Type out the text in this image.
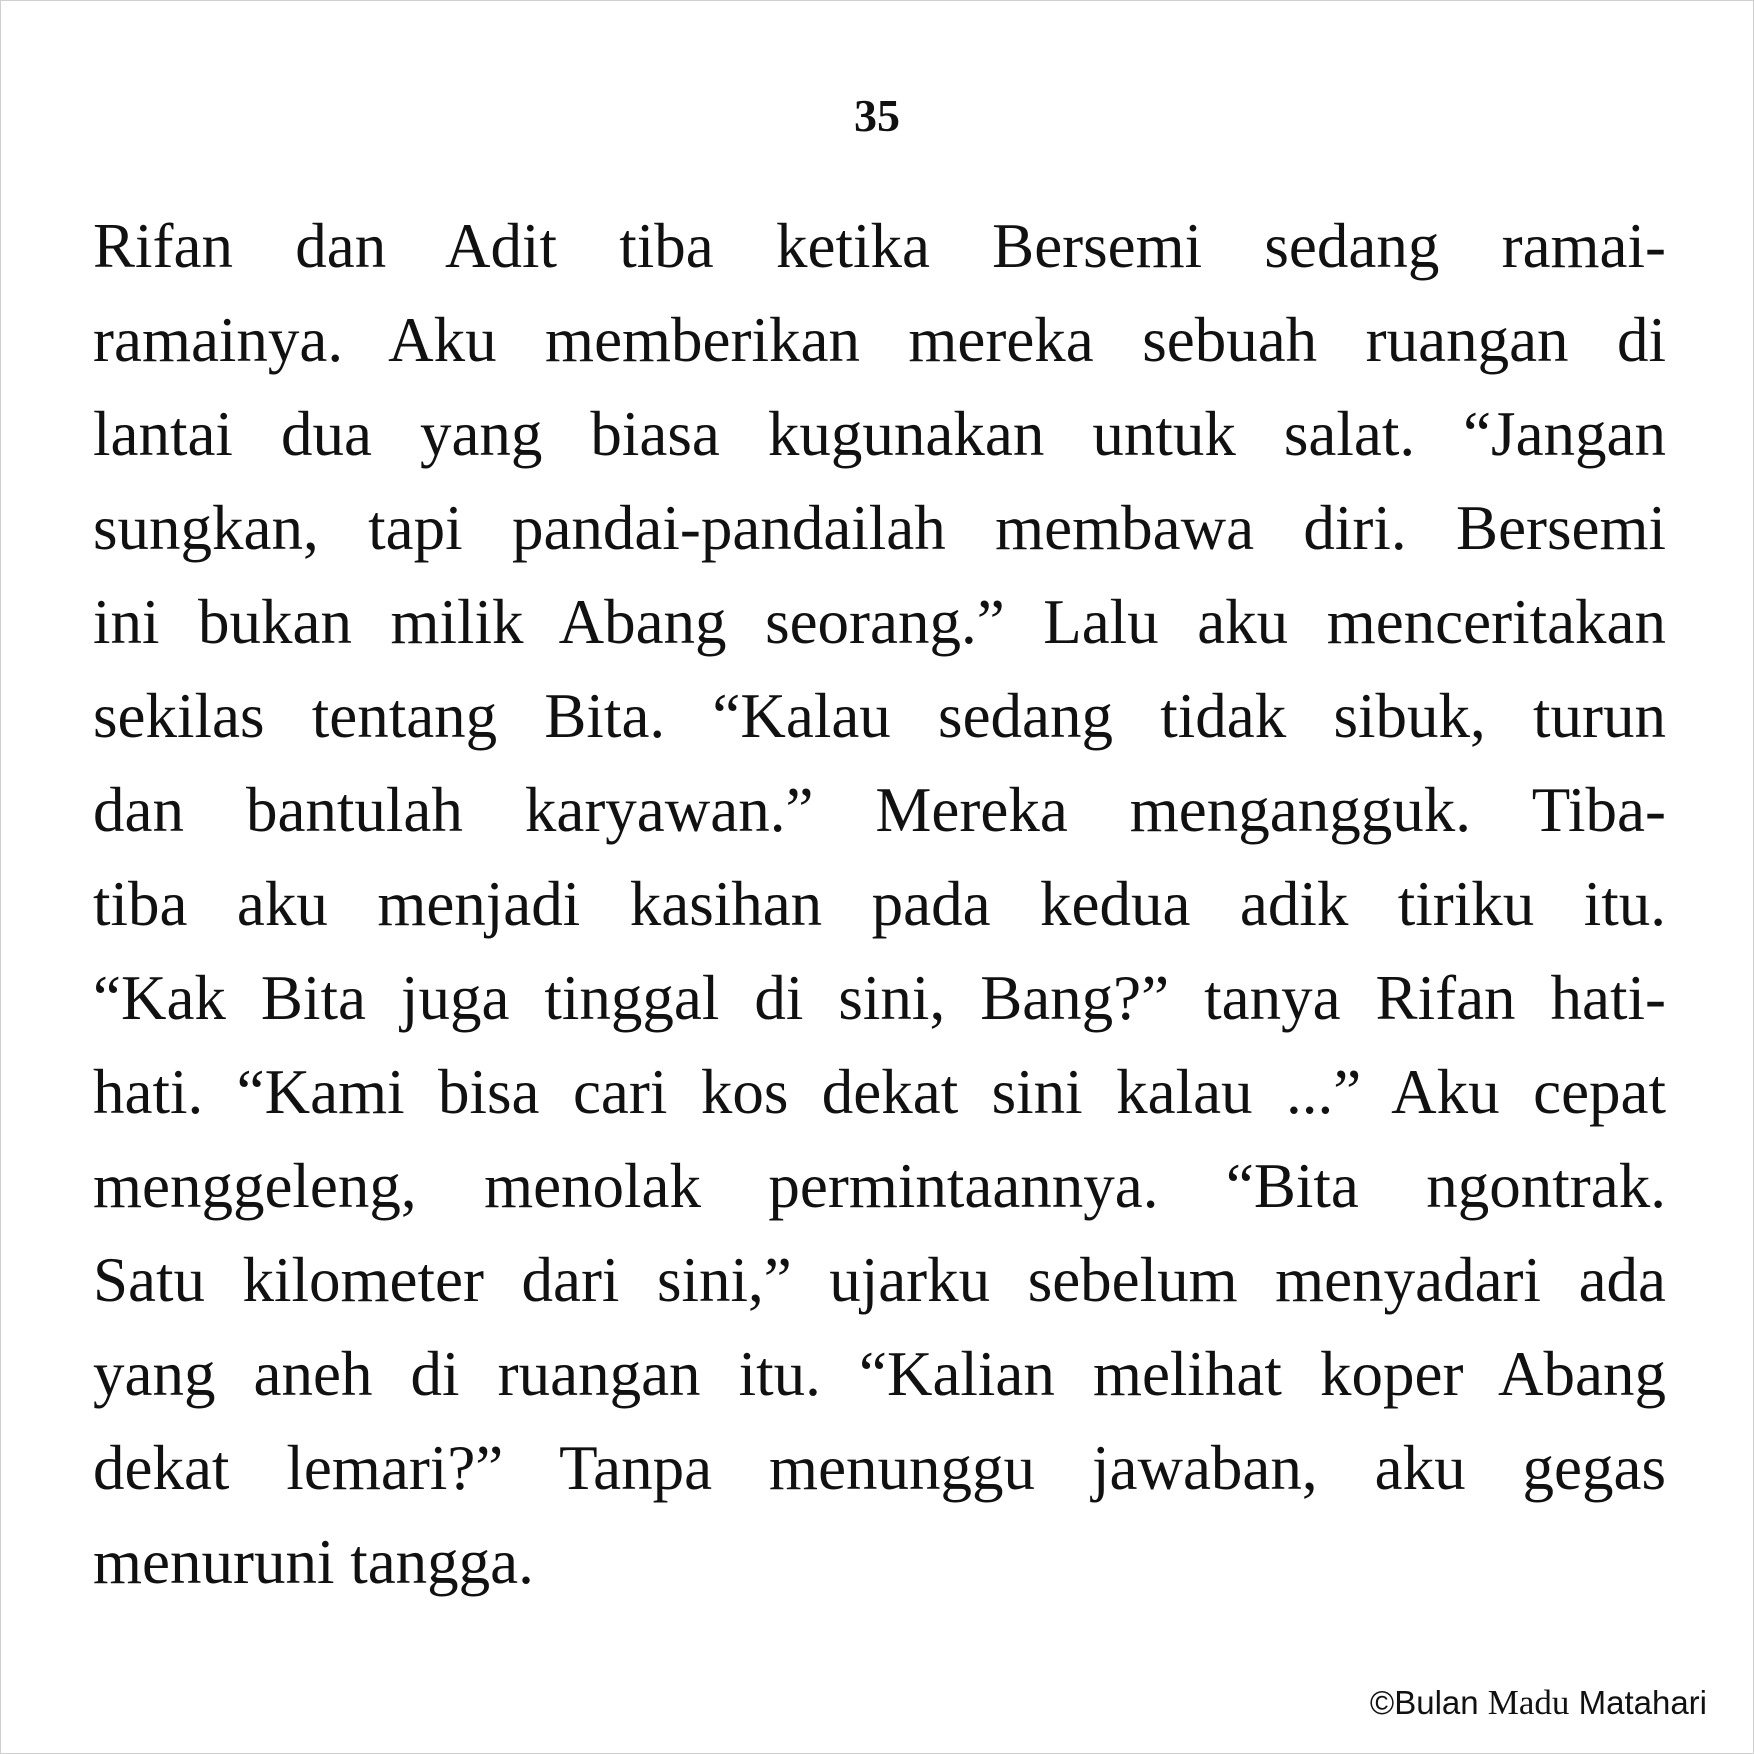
35
Rifan dan Adit tiba ketika Bersemi sedang ramai-
ramainya. Aku memberikan mereka sebuah ruangan di
lantai dua yang biasa kugunakan untuk salat. “Jangan
sungkan, tapi pandai-pandailah membawa diri. Bersemi
ini bukan milik Abang seorang.” Lalu aku menceritakan
sekilas tentang Bita. “Kalau sedang tidak sibuk, turun
dan bantulah karyawan.” Mereka mengangguk. Tiba-
tiba aku menjadi kasihan pada kedua adik tiriku itu.
“Kak Bita juga tinggal di sini, Bang?” tanya Rifan hati-
hati. “Kami bisa cari kos dekat sini kalau ...” Aku cepat
menggeleng, menolak permintaannya. “Bita ngontrak.
Satu kilometer dari sini,” ujarku sebelum menyadari ada
yang aneh di ruangan itu. “Kalian melihat koper Abang
dekat lemari?” Tanpa menunggu jawaban, aku gegas
menuruni tangga.
©Bulan Madu Matahari
